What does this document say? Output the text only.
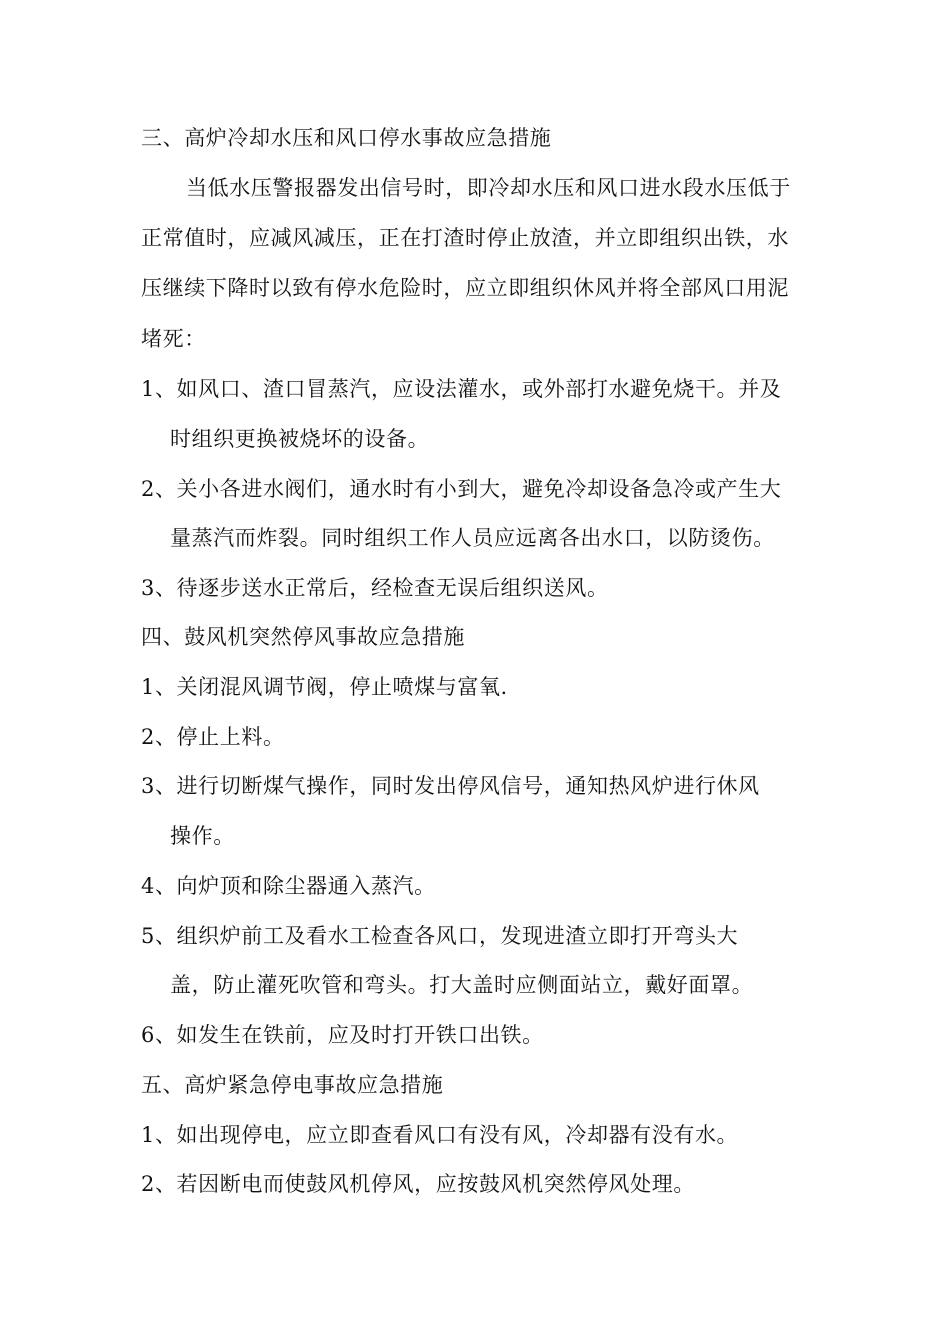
三、高炉冷却水压和风口停水事故应急措施
当低水压警报器发出信号时，即冷却水压和风口进水段水压低于
正常值时，应减风减压，正在打渣时停止放渣，并立即组织出铁，水
压继续下降时以致有停水危险时，应立即组织休风并将全部风口用泥
堵死：
1、如风口、渣口冒蒸汽，应设法灌水，或外部打水避免烧干。并及
时组织更换被烧坏的设备。
2、关小各进水阀们，通水时有小到大，避免冷却设备急冷或产生大
量蒸汽而炸裂。同时组织工作人员应远离各出水口，以防烫伤。
3、待逐步送水正常后，经检查无误后组织送风。
四、鼓风机突然停风事故应急措施
1、关闭混风调节阀，停止喷煤与富氧.
2、停止上料。
3、进行切断煤气操作，同时发出停风信号，通知热风炉进行休风
操作。
4、向炉顶和除尘器通入蒸汽。
5、组织炉前工及看水工检查各风口，发现进渣立即打开弯头大
盖，防止灌死吹管和弯头。打大盖时应侧面站立，戴好面罩。
6、如发生在铁前，应及时打开铁口出铁。
五、高炉紧急停电事故应急措施
1、如出现停电，应立即查看风口有没有风，冷却器有没有水。
2、若因断电而使鼓风机停风，应按鼓风机突然停风处理。
